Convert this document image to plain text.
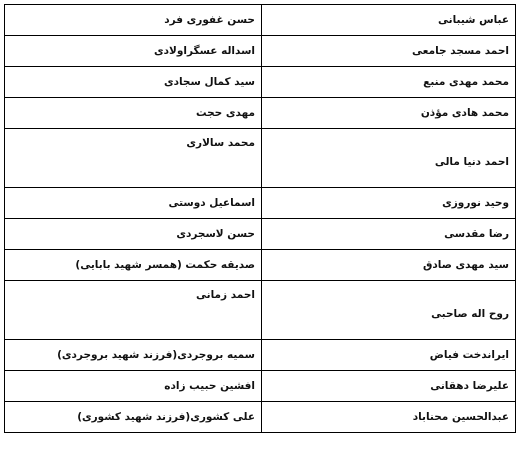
عباس شیبانی	حسن غفوری فرد
احمد مسجد جامعی	اسداله عسگراولادی
محمد مهدی منبع	سید کمال سجادی
محمد هادی مؤذن	مهدی حجت
احمد دنیا مالی	محمد سالاری
وحید نوروزی	اسماعیل دوستی
رضا مقدسی	حسن لاسجردی
سید مهدی صادق	صدیقه حکمت (همسر شهید بابایی)
روح اله صاحبی	احمد زمانی
ایراندخت فیاض	سمیه بروجردی(فرزند شهید بروجردی)
علیرضا دهقانی	افشین حبیب زاده
عبدالحسین محناباد	علی کشوری(فرزند شهید کشوری)
